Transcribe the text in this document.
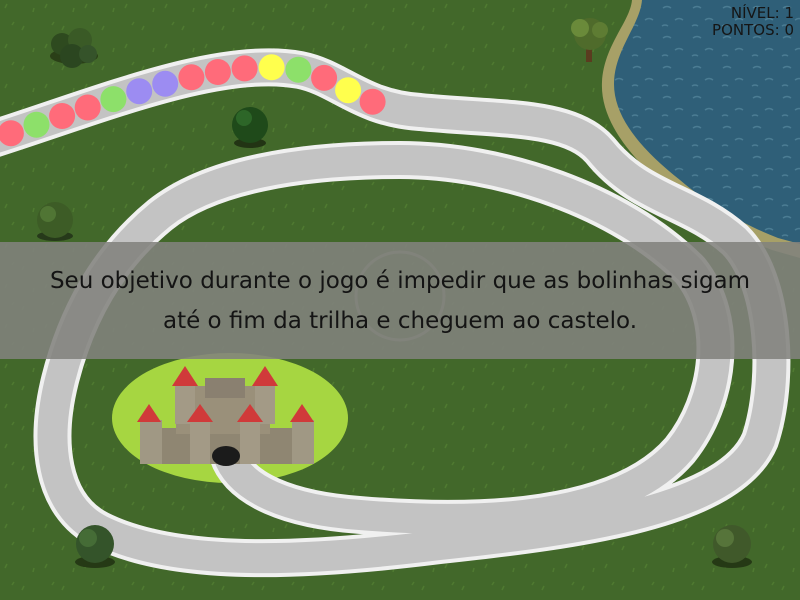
NÍVEL : 1
PONTOS : 0

Seu objetivo durante o jogo é impedir que as bolinhas sigam até o fim da trilha e cheguem ao castelo.
